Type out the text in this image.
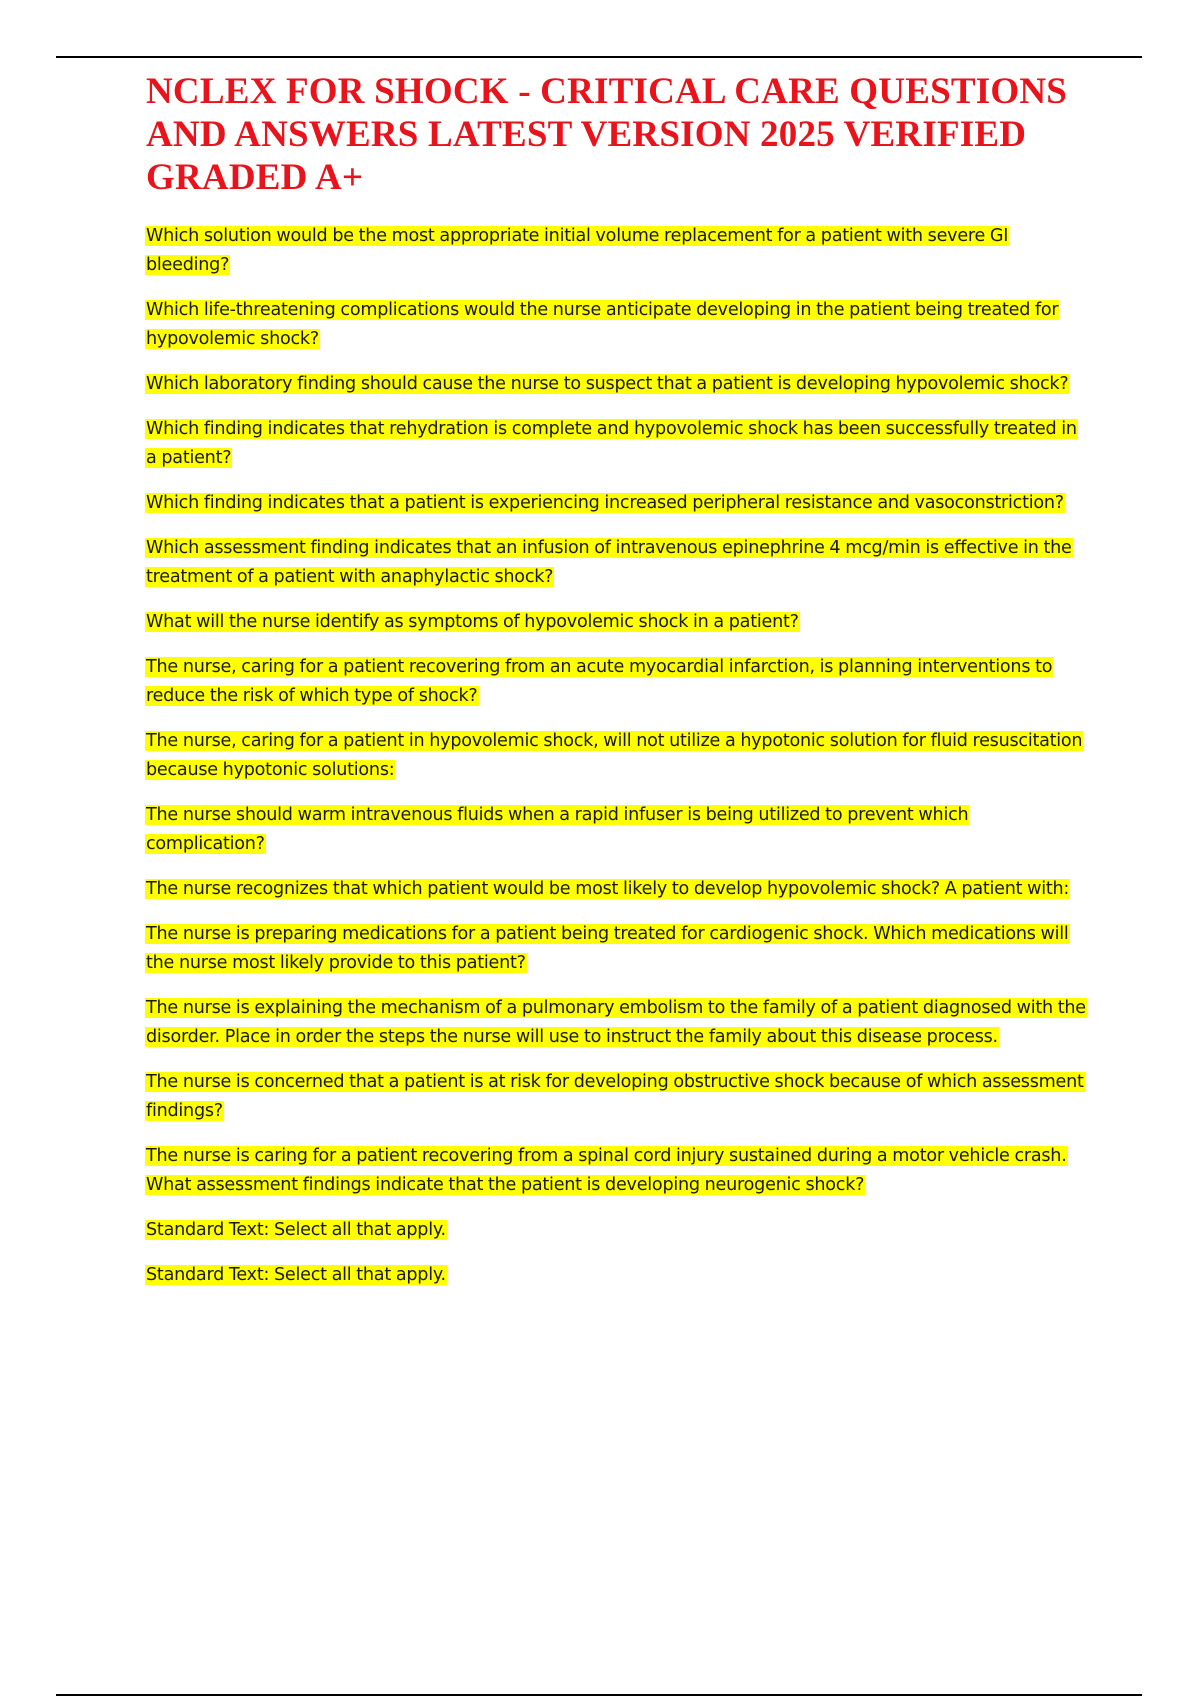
NCLEX FOR SHOCK - CRITICAL CARE QUESTIONS AND ANSWERS LATEST VERSION 2025 VERIFIED GRADED A+
Which solution would be the most appropriate initial volume replacement for a patient with severe GI bleeding?
Which life-threatening complications would the nurse anticipate developing in the patient being treated for hypovolemic shock?
Which laboratory finding should cause the nurse to suspect that a patient is developing hypovolemic shock?
Which finding indicates that rehydration is complete and hypovolemic shock has been successfully treated in a patient?
Which finding indicates that a patient is experiencing increased peripheral resistance and vasoconstriction?
Which assessment finding indicates that an infusion of intravenous epinephrine 4 mcg/min is effective in the treatment of a patient with anaphylactic shock?
What will the nurse identify as symptoms of hypovolemic shock in a patient?
The nurse, caring for a patient recovering from an acute myocardial infarction, is planning interventions to reduce the risk of which type of shock?
The nurse, caring for a patient in hypovolemic shock, will not utilize a hypotonic solution for fluid resuscitation because hypotonic solutions:
The nurse should warm intravenous fluids when a rapid infuser is being utilized to prevent which complication?
The nurse recognizes that which patient would be most likely to develop hypovolemic shock? A patient with:
The nurse is preparing medications for a patient being treated for cardiogenic shock. Which medications will the nurse most likely provide to this patient?
The nurse is explaining the mechanism of a pulmonary embolism to the family of a patient diagnosed with the disorder. Place in order the steps the nurse will use to instruct the family about this disease process.
The nurse is concerned that a patient is at risk for developing obstructive shock because of which assessment findings?
The nurse is caring for a patient recovering from a spinal cord injury sustained during a motor vehicle crash. What assessment findings indicate that the patient is developing neurogenic shock?
Standard Text: Select all that apply.
Standard Text: Select all that apply.
